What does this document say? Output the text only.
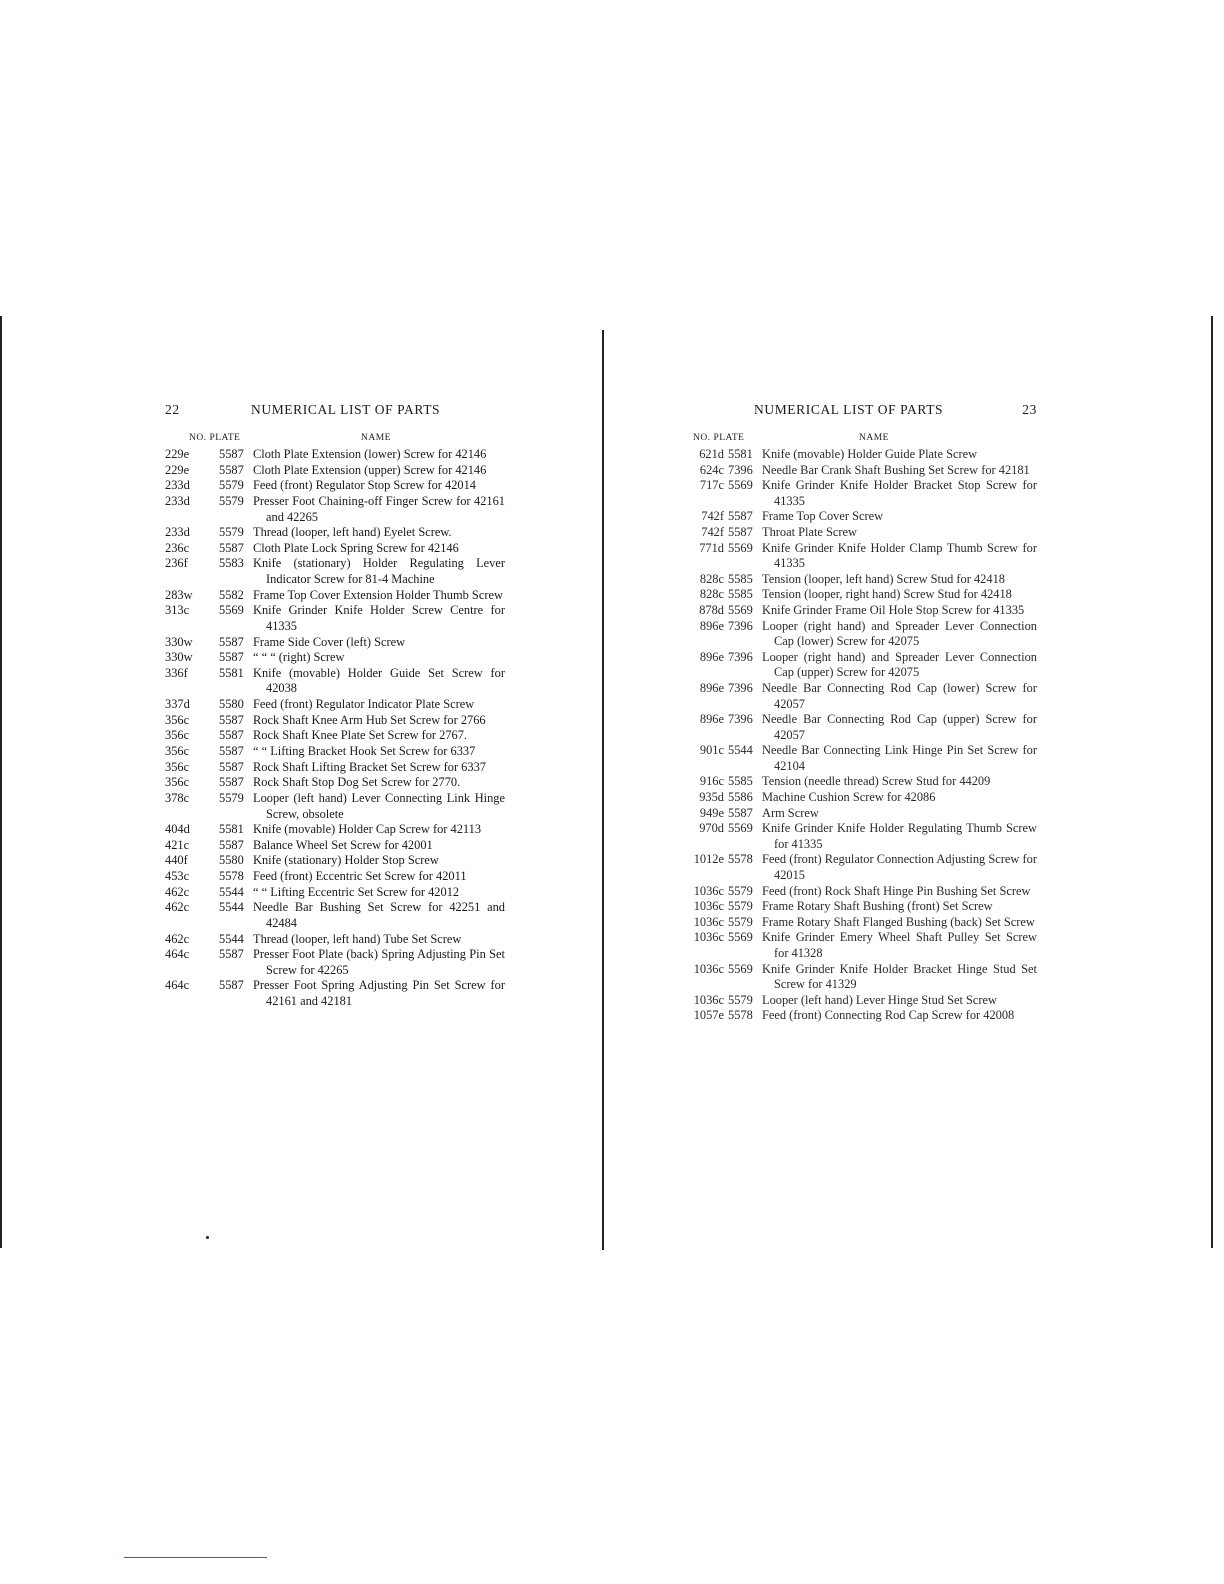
22	NUMERICAL LIST OF PARTS
NO. PLATE	NAME
229e	5587 Cloth Plate Extension (lower) Screw for 42146
229e	5587 Cloth Plate Extension (upper) Screw for 42146
233d	5579 Feed (front) Regulator Stop Screw for 42014
233d	5579 Presser Foot Chaining-off Finger Screw for 42161 and 42265
233d	5579 Thread (looper, left hand) Eyelet Screw.
236c	5587 Cloth Plate Lock Spring Screw for 42146
236f	5583 Knife (stationary) Holder Regulating Lever Indicator Screw for 81-4 Machine
283w	5582 Frame Top Cover Extension Holder Thumb Screw
313c	5569 Knife Grinder Knife Holder Screw Centre for 41335
330w	5587 Frame Side Cover (left) Screw
330w	5587 “ “ “ (right) Screw
336f	5581 Knife (movable) Holder Guide Set Screw for 42038
337d	5580 Feed (front) Regulator Indicator Plate Screw
356c	5587 Rock Shaft Knee Arm Hub Set Screw for 2766
356c	5587 Rock Shaft Knee Plate Set Screw for 2767.
356c	5587 “ “ Lifting Bracket Hook Set Screw for 6337
356c	5587 Rock Shaft Lifting Bracket Set Screw for 6337
356c	5587 Rock Shaft Stop Dog Set Screw for 2770.
378c	5579 Looper (left hand) Lever Connecting Link Hinge Screw, obsolete
404d	5581 Knife (movable) Holder Cap Screw for 42113
421c	5587 Balance Wheel Set Screw for 42001
440f	5580 Knife (stationary) Holder Stop Screw
453c	5578 Feed (front) Eccentric Set Screw for 42011
462c	5544 “ “ Lifting Eccentric Set Screw for 42012
462c	5544 Needle Bar Bushing Set Screw for 42251 and 42484
462c	5544 Thread (looper, left hand) Tube Set Screw
464c	5587 Presser Foot Plate (back) Spring Adjusting Pin Set Screw for 42265
464c	5587 Presser Foot Spring Adjusting Pin Set Screw for 42161 and 42181
NUMERICAL LIST OF PARTS	23
NO. PLATE	NAME
621d 5581 Knife (movable) Holder Guide Plate Screw
624c 7396 Needle Bar Crank Shaft Bushing Set Screw for 42181
717c 5569 Knife Grinder Knife Holder Bracket Stop Screw for 41335
742f 5587 Frame Top Cover Screw
742f 5587 Throat Plate Screw
771d 5569 Knife Grinder Knife Holder Clamp Thumb Screw for 41335
828c 5585 Tension (looper, left hand) Screw Stud for 42418
828c 5585 Tension (looper, right hand) Screw Stud for 42418
878d 5569 Knife Grinder Frame Oil Hole Stop Screw for 41335
896e 7396 Looper (right hand) and Spreader Lever Connection Cap (lower) Screw for 42075
896e 7396 Looper (right hand) and Spreader Lever Connection Cap (upper) Screw for 42075
896e 7396 Needle Bar Connecting Rod Cap (lower) Screw for 42057
896e 7396 Needle Bar Connecting Rod Cap (upper) Screw for 42057
901c 5544 Needle Bar Connecting Link Hinge Pin Set Screw for 42104
916c 5585 Tension (needle thread) Screw Stud for 44209
935d 5586 Machine Cushion Screw for 42086
949e 5587 Arm Screw
970d 5569 Knife Grinder Knife Holder Regulating Thumb Screw for 41335
1012e 5578 Feed (front) Regulator Connection Adjusting Screw for 42015
1036c 5579 Feed (front) Rock Shaft Hinge Pin Bushing Set Screw
1036c 5579 Frame Rotary Shaft Bushing (front) Set Screw
1036c 5579 Frame Rotary Shaft Flanged Bushing (back) Set Screw
1036c 5569 Knife Grinder Emery Wheel Shaft Pulley Set Screw for 41328
1036c 5569 Knife Grinder Knife Holder Bracket Hinge Stud Set Screw for 41329
1036c 5579 Looper (left hand) Lever Hinge Stud Set Screw
1057e 5578 Feed (front) Connecting Rod Cap Screw for 42008
